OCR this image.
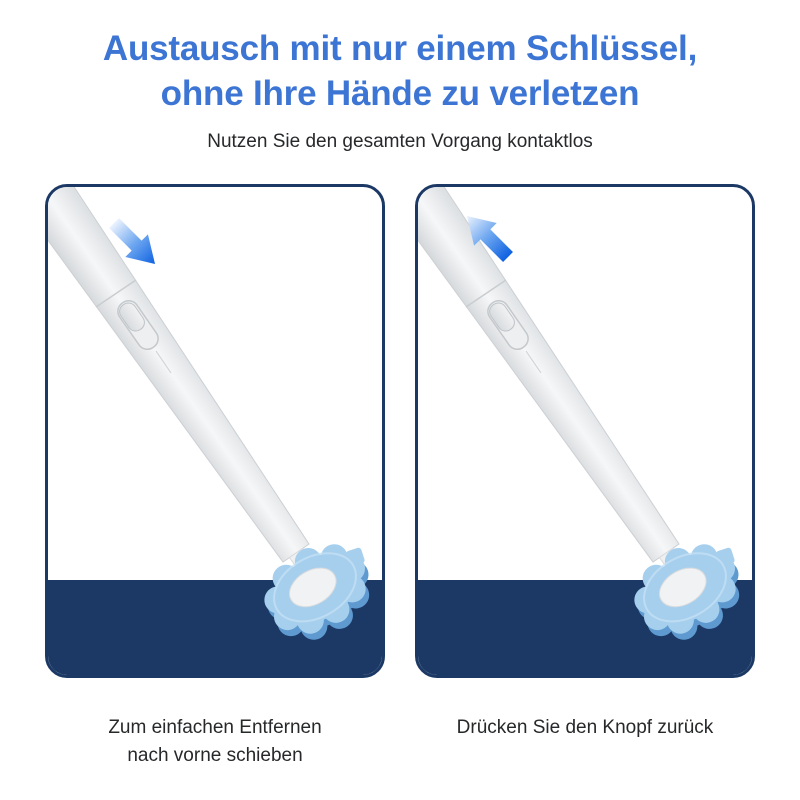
Austausch mit nur einem Schlüssel,
ohne Ihre Hände zu verletzen

Nutzen Sie den gesamten Vorgang kontaktlos

Zum einfachen Entfernen
nach vorne schieben
Drücken Sie den Knopf zurück
